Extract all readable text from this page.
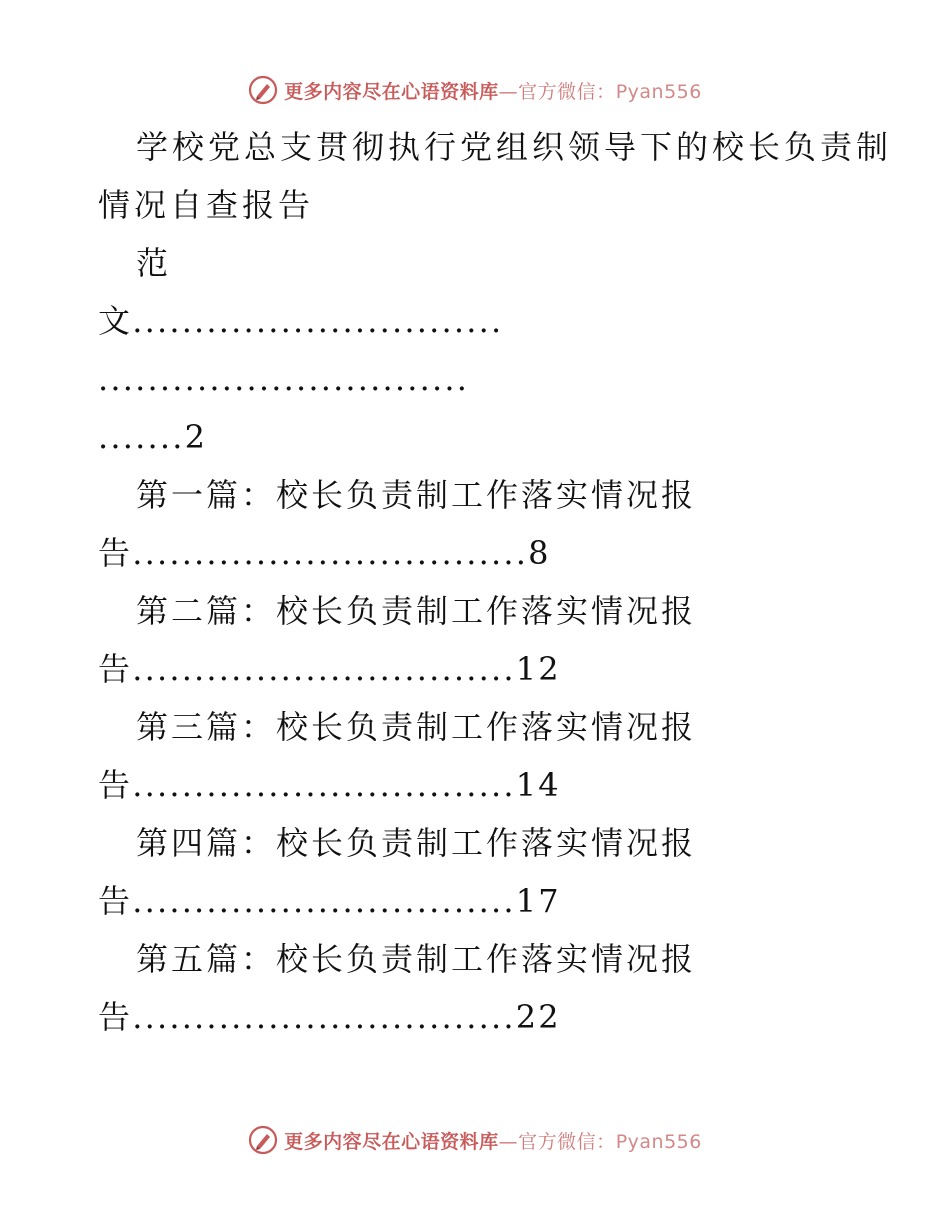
更多内容尽在心语资料库—官方微信：Pyan556
学校党总支贯彻执行党组织领导下的校长负责制
情况自查报告
范
文..............................
..............................
.......2
第一篇：校长负责制工作落实情况报
告................................8
第二篇：校长负责制工作落实情况报
告...............................12
第三篇：校长负责制工作落实情况报
告...............................14
第四篇：校长负责制工作落实情况报
告...............................17
第五篇：校长负责制工作落实情况报
告...............................22
更多内容尽在心语资料库—官方微信：Pyan556
